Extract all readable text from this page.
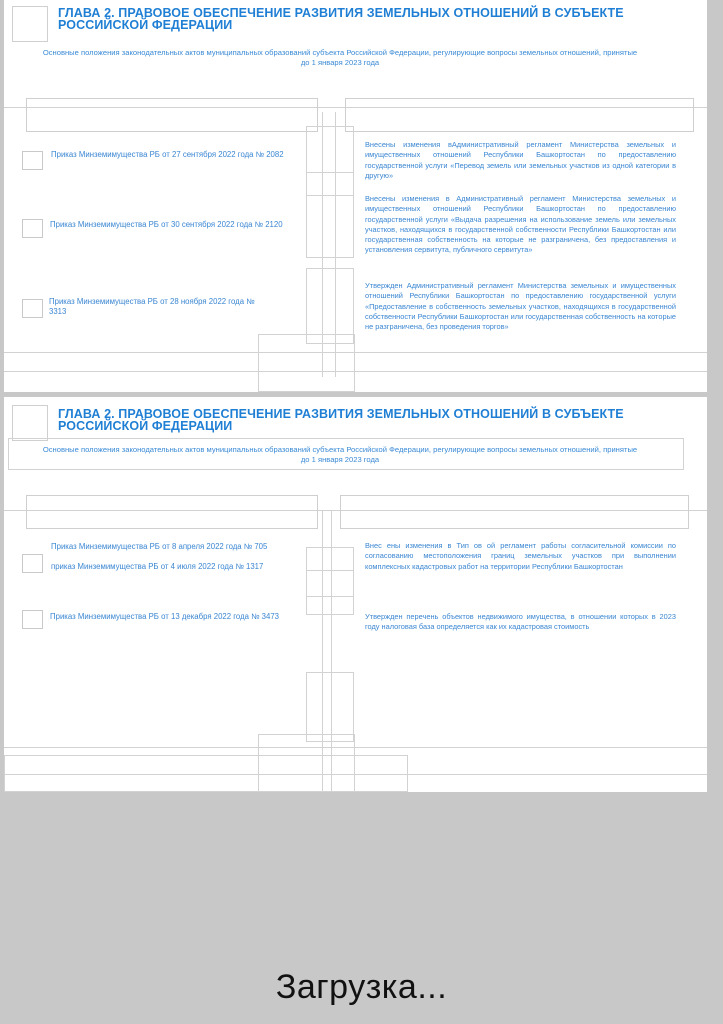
ГЛАВА 2. ПРАВОВОЕ ОБЕСПЕЧЕНИЕ РАЗВИТИЯ ЗЕМЕЛЬНЫХ ОТНОШЕНИЙ В СУБЪЕКТЕ РОССИЙСКОЙ ФЕДЕРАЦИИ
Основные положения законодательных актов муниципальных образований субъекта Российской Федерации, регулирующие вопросы земельных отношений, принятые до 1 января 2023 года
Приказ Минземимущества РБ от 27 сентября 2022 года № 2082
Внесены изменения вАдминистративный регламент Министерства земельных и имущественных отношений Республики Башкортостан по предоставлению государственной услуги «Перевод земель или земельных участков из одной категории в другую»
Приказ Минземимущества РБ от 30 сентября 2022 года № 2120
Внесены изменения в Административный регламент Министерства земельных и имущественных отношений Республики Башкортостан по предоставлению государственной услуги «Выдача разрешения на использование земель или земельных участков, находящихся в государственной собственности Республики Башкортостан или государственная собственность на которые не разграничена, без предоставления и установления сервитута, публичного сервитута»
Приказ Минземимущества РБ от 28 ноября 2022 года № 3313
Утвержден Административный регламент Министерства земельных и имущественных отношений Республики Башкортостан по предоставлению государственной услуги «Предоставление в собственность земельных участков, находящихся в государственной собственности Республики Башкортостан или государственная собственность на которые не разграничена, без проведения торгов»
ГЛАВА 2. ПРАВОВОЕ ОБЕСПЕЧЕНИЕ РАЗВИТИЯ ЗЕМЕЛЬНЫХ ОТНОШЕНИЙ В СУБЪЕКТЕ РОССИЙСКОЙ ФЕДЕРАЦИИ
Основные положения законодательных актов муниципальных образований субъекта Российской Федерации, регулирующие вопросы земельных отношений, принятые до 1 января 2023 года
Приказ Минземимущества РБ от 8 апреля 2022 года № 705
приказ Минземимущества РБ от 4 июля 2022 года № 1317
Внес ены изменения в Тип ов ой регламент работы согласительной комиссии по согласованию местоположения границ земельных участков при выполнении комплексных кадастровых работ на территории Республики Башкортостан
Приказ Минземимущества РБ от 13 декабря 2022 года № 3473	Утвержден перечень объектов недвижимого имущества, в отношении которых в 2023 году налоговая база определяется как их кадастровая стоимость
Загрузка...
